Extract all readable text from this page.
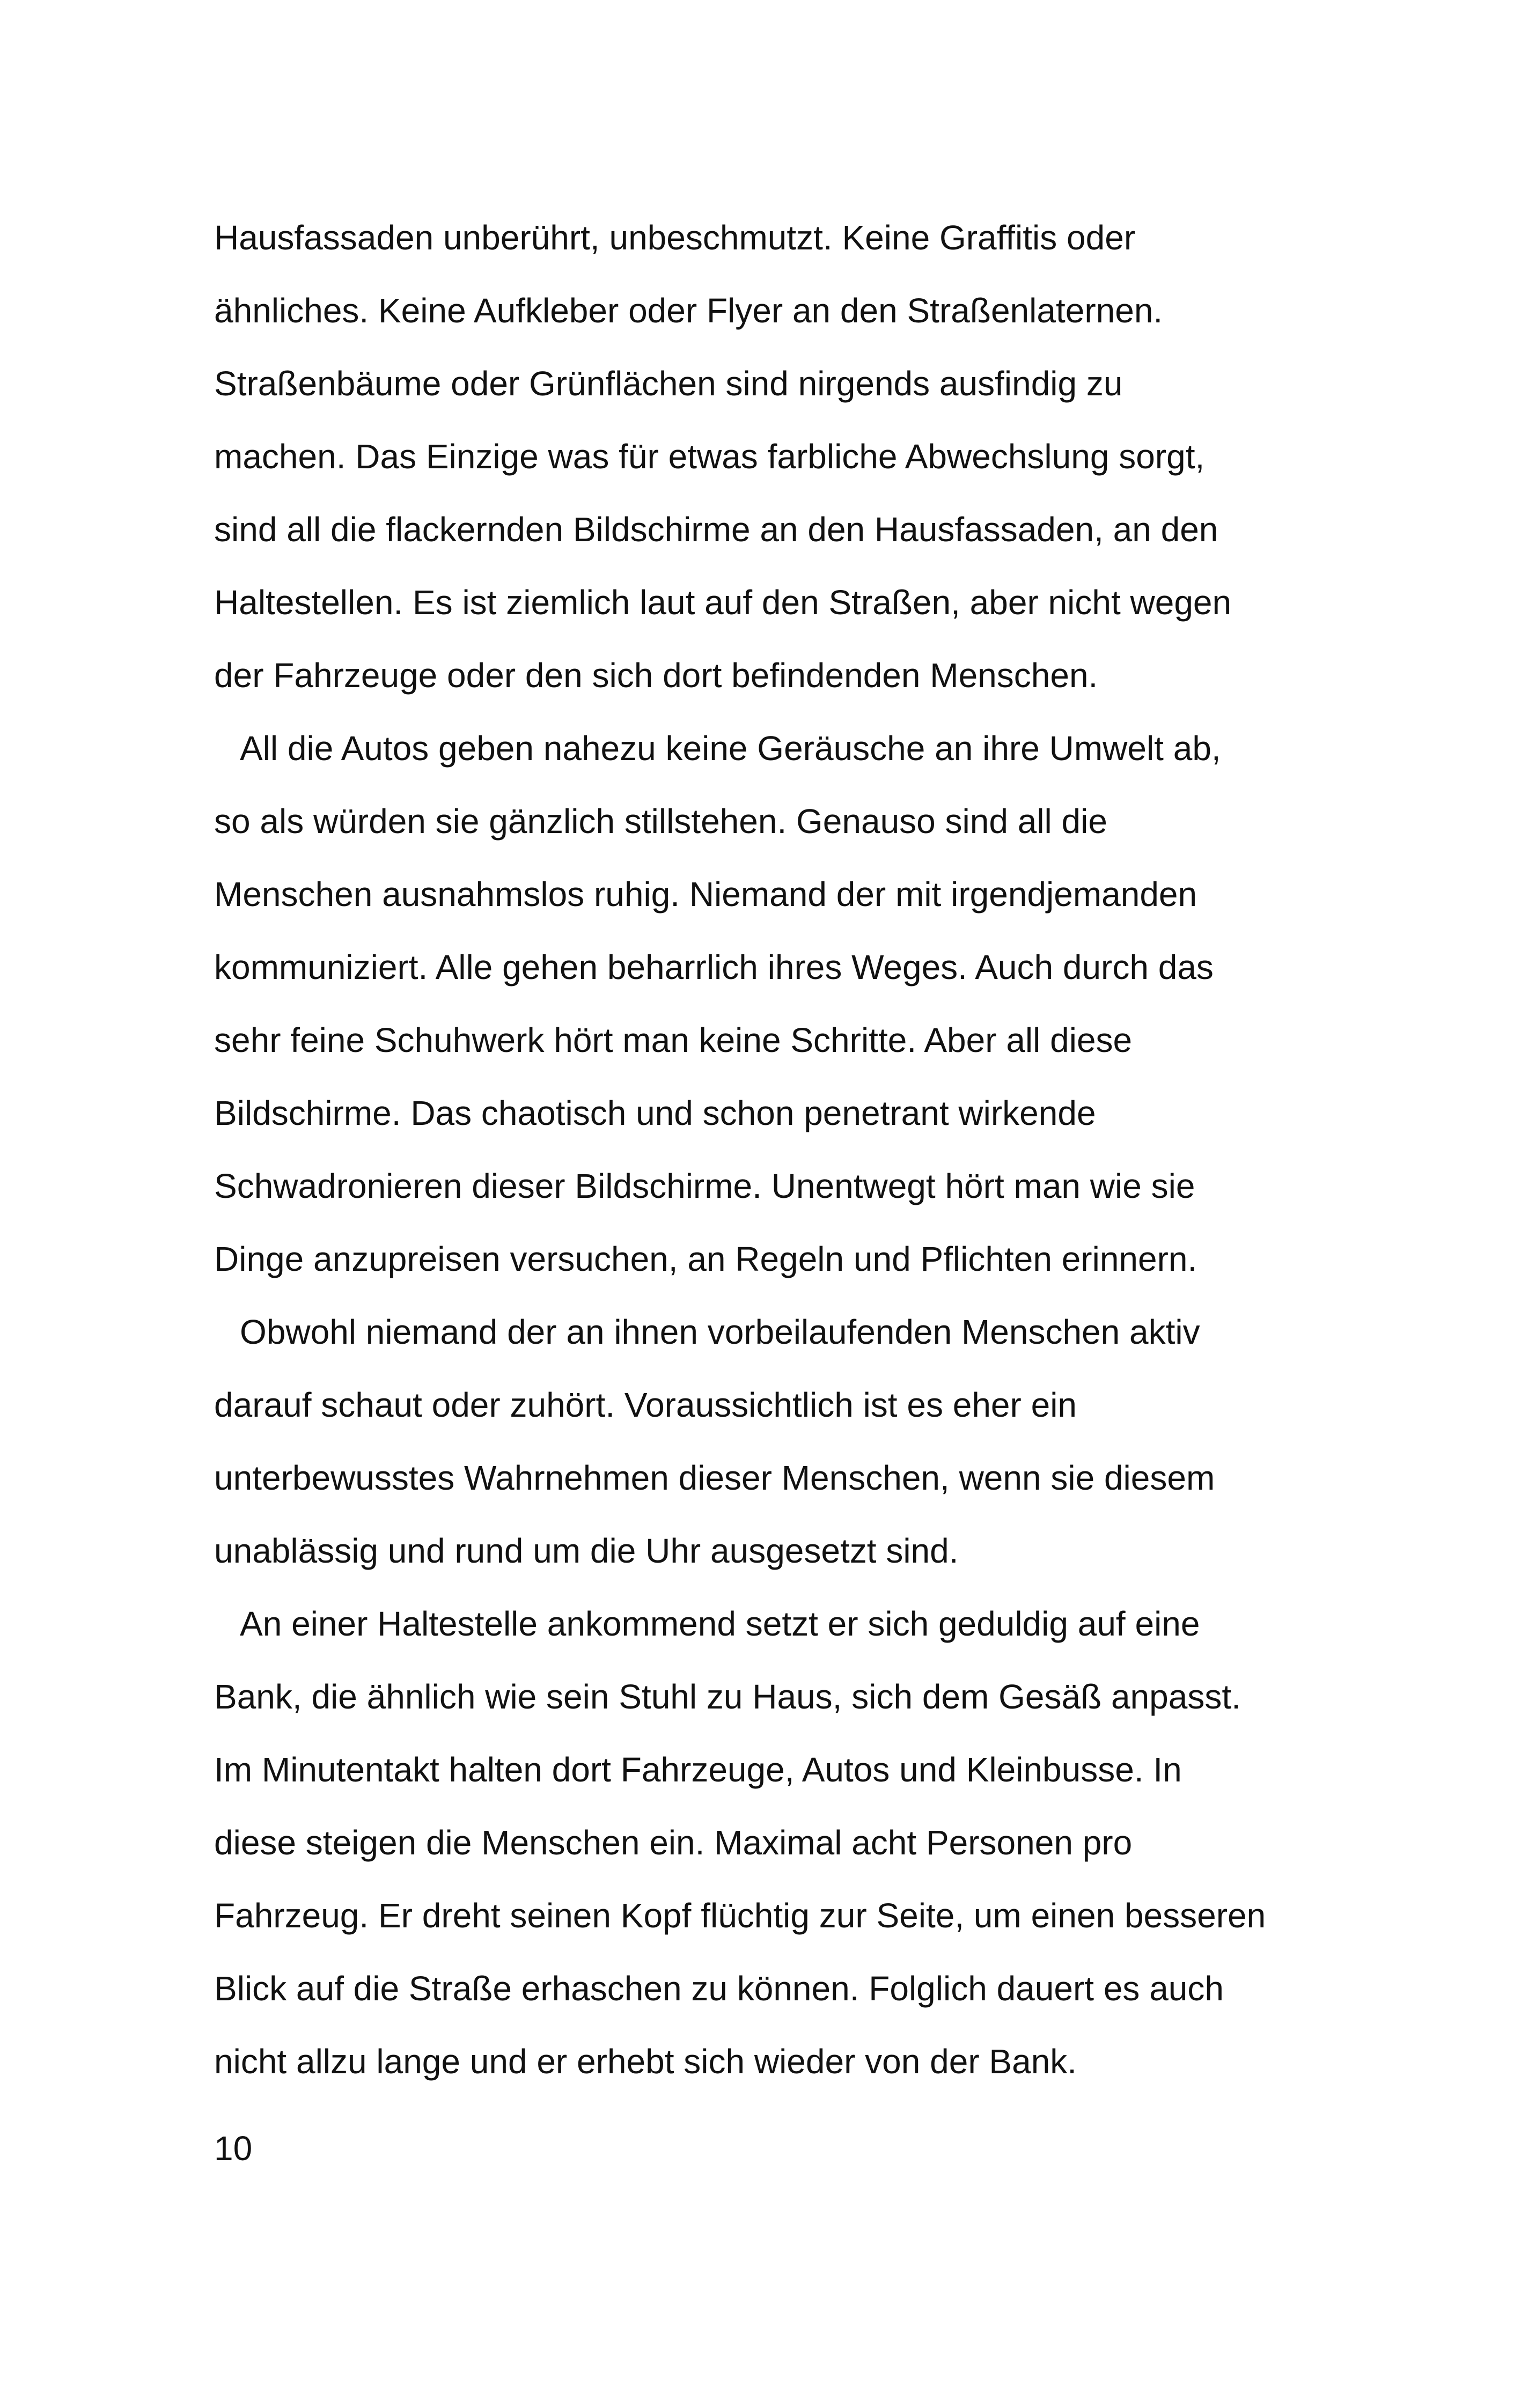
Hausfassaden unberührt, unbeschmutzt. Keine Graffitis oder
ähnliches. Keine Aufkleber oder Flyer an den Straßenlaternen.
Straßenbäume oder Grünflächen sind nirgends ausfindig zu
machen. Das Einzige was für etwas farbliche Abwechslung sorgt,
sind all die flackernden Bildschirme an den Hausfassaden, an den
Haltestellen. Es ist ziemlich laut auf den Straßen, aber nicht wegen
der Fahrzeuge oder den sich dort befindenden Menschen.
All die Autos geben nahezu keine Geräusche an ihre Umwelt ab,
so als würden sie gänzlich stillstehen. Genauso sind all die
Menschen ausnahmslos ruhig. Niemand der mit irgendjemanden
kommuniziert. Alle gehen beharrlich ihres Weges. Auch durch das
sehr feine Schuhwerk hört man keine Schritte. Aber all diese
Bildschirme. Das chaotisch und schon penetrant wirkende
Schwadronieren dieser Bildschirme. Unentwegt hört man wie sie
Dinge anzupreisen versuchen, an Regeln und Pflichten erinnern.
Obwohl niemand der an ihnen vorbeilaufenden Menschen aktiv
darauf schaut oder zuhört. Voraussichtlich ist es eher ein
unterbewusstes Wahrnehmen dieser Menschen, wenn sie diesem
unablässig und rund um die Uhr ausgesetzt sind.
An einer Haltestelle ankommend setzt er sich geduldig auf eine
Bank, die ähnlich wie sein Stuhl zu Haus, sich dem Gesäß anpasst.
Im Minutentakt halten dort Fahrzeuge, Autos und Kleinbusse. In
diese steigen die Menschen ein. Maximal acht Personen pro
Fahrzeug. Er dreht seinen Kopf flüchtig zur Seite, um einen besseren
Blick auf die Straße erhaschen zu können. Folglich dauert es auch
nicht allzu lange und er erhebt sich wieder von der Bank.
10
